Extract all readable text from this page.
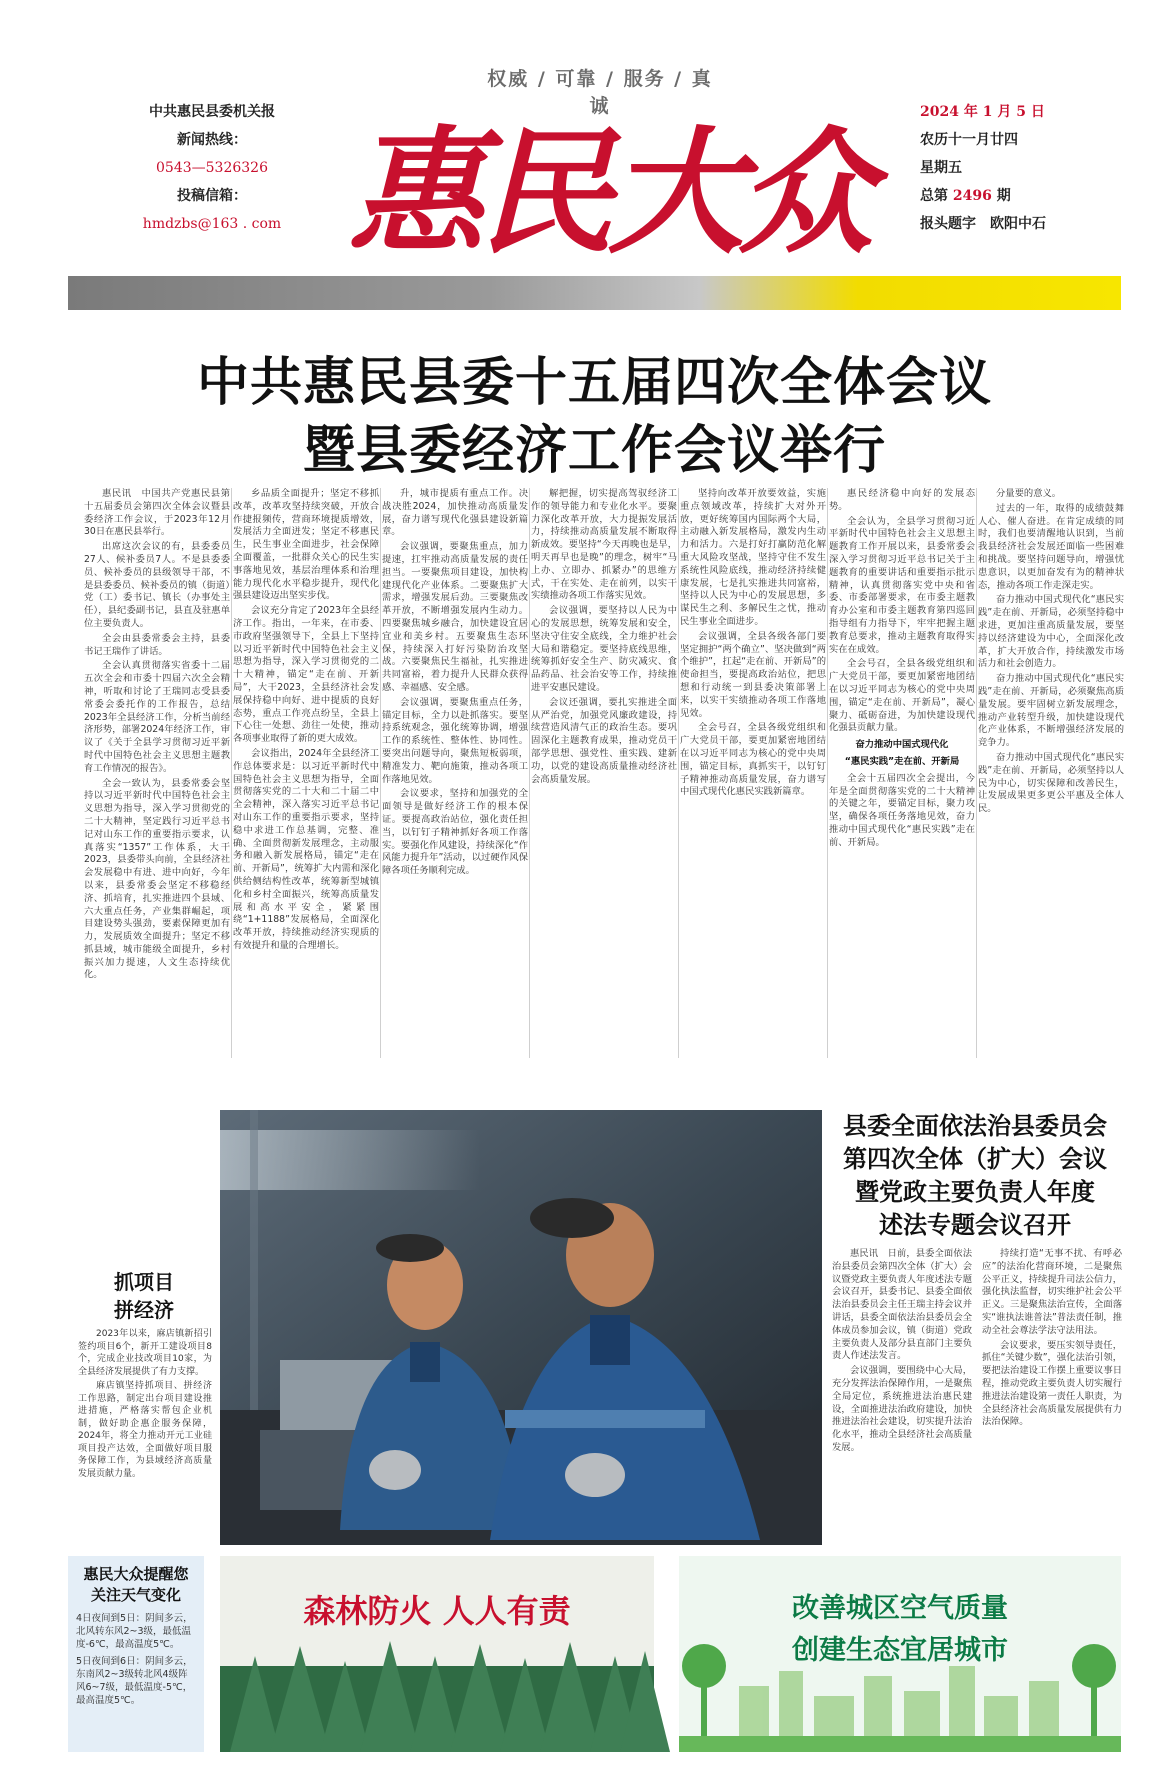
权威 / 可靠 / 服务 / 真诚
中共惠民县委机关报
新闻热线：
0543—5326326
投稿信箱：
hmdzbs@163 . com 惠民大众
2024 年 1 月 5 日
农历十一月廿四
星期五
总第 2496 期
报头题字　欧阳中石
中共惠民县委十五届四次全体会议
暨县委经济工作会议举行

惠民讯　中国共产党惠民县第十五届委员会第四次全体会议暨县委经济工作会议，于2023年12月30日在惠民县举行。

出席这次会议的有，县委委员27人、候补委员7人。不是县委委员、候补委员的县级领导干部，不是县委委员、候补委员的镇（街道）党（工）委书记、镇长（办事处主任），县纪委副书记，县直及驻惠单位主要负责人。

全会由县委常委会主持，县委书记王瑞作了讲话。

全会认真贯彻落实省委十二届五次全会和市委十四届六次全会精神，听取和讨论了王瑞同志受县委常委会委托作的工作报告，总结2023年全县经济工作，分析当前经济形势，部署2024年经济工作，审议了《关于全县学习贯彻习近平新时代中国特色社会主义思想主题教育工作情况的报告》。

全会一致认为，县委常委会坚持以习近平新时代中国特色社会主义思想为指导，深入学习贯彻党的二十大精神，坚定践行习近平总书记对山东工作的重要指示要求，认真落实“1357”工作体系，大干2023，县委带头向前，全县经济社会发展稳中有进、进中向好，今年以来，县委常委会坚定不移稳经济、抓培育，扎实推进四个县域、六大重点任务，产业集群崛起，项目建设势头强劲，要素保障更加有力，发展质效全面提升；坚定不移抓县域，城市能级全面提升，乡村振兴加力提速，人文生态持续优化。

乡品质全面提升；坚定不移抓改革，改革攻坚持续突破，开放合作捷报频传，营商环境提质增效，发展活力全面迸发；坚定不移惠民生，民生事业全面进步，社会保障全面覆盖，一批群众关心的民生实事落地见效，基层治理体系和治理能力现代化水平稳步提升，现代化强县建设迈出坚实步伐。

会议充分肯定了2023年全县经济工作。指出，一年来，在市委、市政府坚强领导下，全县上下坚持以习近平新时代中国特色社会主义思想为指导，深入学习贯彻党的二十大精神，锚定“走在前、开新局”，大干2023，全县经济社会发展保持稳中向好、进中提质的良好态势，重点工作亮点纷呈，全县上下心往一处想、劲往一处使，推动各项事业取得了新的更大成效。

会议指出，2024年全县经济工作总体要求是：以习近平新时代中国特色社会主义思想为指导，全面贯彻落实党的二十大和二十届二中全会精神，深入落实习近平总书记对山东工作的重要指示要求，坚持稳中求进工作总基调，完整、准确、全面贯彻新发展理念，主动服务和融入新发展格局，锚定“走在前、开新局”，统筹扩大内需和深化供给侧结构性改革，统筹新型城镇化和乡村全面振兴，统筹高质量发展和高水平安全，紧紧围绕“1+1188”发展格局，全面深化改革开放，持续推动经济实现质的有效提升和量的合理增长。

升，城市提质有重点工作。决战决胜2024，加快推动高质量发展，奋力谱写现代化强县建设新篇章。

会议强调，要聚焦重点，加力提速，扛牢推动高质量发展的责任担当。一要聚焦项目建设，加快构建现代化产业体系。二要聚焦扩大需求，增强发展后劲。三要聚焦改革开放，不断增强发展内生动力。四要聚焦城乡融合，加快建设宜居宜业和美乡村。五要聚焦生态环保，持续深入打好污染防治攻坚战。六要聚焦民生福祉，扎实推进共同富裕，着力提升人民群众获得感、幸福感、安全感。

会议强调，要聚焦重点任务，锚定目标，全力以赴抓落实。要坚持系统观念，强化统筹协调，增强工作的系统性、整体性、协同性。要突出问题导向，聚焦短板弱项，精准发力、靶向施策，推动各项工作落地见效。

会议要求，坚持和加强党的全面领导是做好经济工作的根本保证。要提高政治站位，强化责任担当，以钉钉子精神抓好各项工作落实。要强化作风建设，持续深化“作风能力提升年”活动，以过硬作风保障各项任务顺利完成。

解把握，切实提高驾驭经济工作的领导能力和专业化水平。要聚力深化改革开放，大力提振发展活力，持续推动高质量发展不断取得新成效。要坚持“今天再晚也是早，明天再早也是晚”的理念，树牢“马上办、立即办、抓紧办”的思维方式，干在实处、走在前列，以实干实绩推动各项工作落实见效。

会议强调，要坚持以人民为中心的发展思想，统筹发展和安全，坚决守住安全底线，全力维护社会大局和谐稳定。要坚持底线思维，统筹抓好安全生产、防灾减灾、食品药品、社会治安等工作，持续推进平安惠民建设。

会议还强调，要扎实推进全面从严治党，加强党风廉政建设，持续营造风清气正的政治生态。要巩固深化主题教育成果，推动党员干部学思想、强党性、重实践、建新功，以党的建设高质量推动经济社会高质量发展。

坚持向改革开放要效益，实施重点领域改革，持续扩大对外开放，更好统筹国内国际两个大局，主动融入新发展格局，激发内生动力和活力。六是打好打赢防范化解重大风险攻坚战，坚持守住不发生系统性风险底线，推动经济持续健康发展，七是扎实推进共同富裕，坚持以人民为中心的发展思想，多谋民生之利、多解民生之忧，推动民生事业全面进步。

会议强调，全县各级各部门要坚定拥护“两个确立”、坚决做到“两个维护”，扛起“走在前、开新局”的使命担当，要提高政治站位，把思想和行动统一到县委决策部署上来，以实干实绩推动各项工作落地见效。

全会号召，全县各级党组织和广大党员干部，要更加紧密地团结在以习近平同志为核心的党中央周围，锚定目标，真抓实干，以钉钉子精神推动高质量发展，奋力谱写中国式现代化惠民实践新篇章。

惠民经济稳中向好的发展态势。

全会认为，全县学习贯彻习近平新时代中国特色社会主义思想主题教育工作开展以来，县委常委会深入学习贯彻习近平总书记关于主题教育的重要讲话和重要指示批示精神，认真贯彻落实党中央和省委、市委部署要求，在市委主题教育办公室和市委主题教育第四巡回指导组有力指导下，牢牢把握主题教育总要求，推动主题教育取得实实在在成效。

全会号召，全县各级党组织和广大党员干部，要更加紧密地团结在以习近平同志为核心的党中央周围，锚定“走在前、开新局”，凝心聚力、砥砺奋进，为加快建设现代化强县贡献力量。

奋力推动中国式现代化

“惠民实践”走在前、开新局

全会十五届四次全会提出，今年是全面贯彻落实党的二十大精神的关键之年，要锚定目标，聚力攻坚，确保各项任务落地见效，奋力推动中国式现代化“惠民实践”走在前、开新局。

分量要的意义。

过去的一年，取得的成绩鼓舞人心、催人奋进。在肯定成绩的同时，我们也要清醒地认识到，当前我县经济社会发展还面临一些困难和挑战。要坚持问题导向，增强忧患意识，以更加奋发有为的精神状态，推动各项工作走深走实。

奋力推动中国式现代化“惠民实践”走在前、开新局，必须坚持稳中求进，更加注重高质量发展，要坚持以经济建设为中心，全面深化改革，扩大开放合作，持续激发市场活力和社会创造力。

奋力推动中国式现代化“惠民实践”走在前、开新局，必须聚焦高质量发展。要牢固树立新发展理念，推动产业转型升级，加快建设现代化产业体系，不断增强经济发展的竞争力。

奋力推动中国式现代化“惠民实践”走在前、开新局，必须坚持以人民为中心，切实保障和改善民生，让发展成果更多更公平惠及全体人民。

抓项目
拼经济

2023年以来，麻店镇新招引签约项目6个，新开工建设项目8个，完成企业技改项目10家，为全县经济发展提供了有力支撑。

麻店镇坚持抓项目、拼经济工作思路，制定出台项目建设推进措施，严格落实帮包企业机制，做好助企惠企服务保障，2024年，将全力推动开元工业硅项目投产达效，全面做好项目服务保障工作，为县域经济高质量发展贡献力量。

县委全面依法治县委员会
第四次全体（扩大）会议
暨党政主要负责人年度
述法专题会议召开

惠民讯　日前，县委全面依法治县委员会第四次全体（扩大）会议暨党政主要负责人年度述法专题会议召开，县委书记、县委全面依法治县委员会主任王瑞主持会议并讲话，县委全面依法治县委员会全体成员参加会议，镇（街道）党政主要负责人及部分县直部门主要负责人作述法发言。

会议强调，要围绕中心大局，充分发挥法治保障作用，一是聚焦全局定位，系统推进法治惠民建设，全面推进法治政府建设，加快推进法治社会建设，切实提升法治化水平，推动全县经济社会高质量发展。

持续打造“无事不扰、有呼必应”的法治化营商环境，二是聚焦公平正义，持续提升司法公信力，强化执法监督，切实维护社会公平正义。三是聚焦法治宣传，全面落实“谁执法谁普法”普法责任制，推动全社会尊法学法守法用法。

会议要求，要压实领导责任，抓住“关键少数”，强化法治引领，要把法治建设工作摆上重要议事日程，推动党政主要负责人切实履行推进法治建设第一责任人职责，为全县经济社会高质量发展提供有力法治保障。

惠民大众提醒您
关注天气变化

4日夜间到5日：阴间多云，北风转东风2~3级，最低温度-6℃，最高温度5℃。

5日夜间到6日：阴间多云，东南风2~3级转北风4级阵风6~7级，最低温度-5℃，最高温度5℃。

森林防火 人人有责	改善城区空气质量
创建生态宜居城市
